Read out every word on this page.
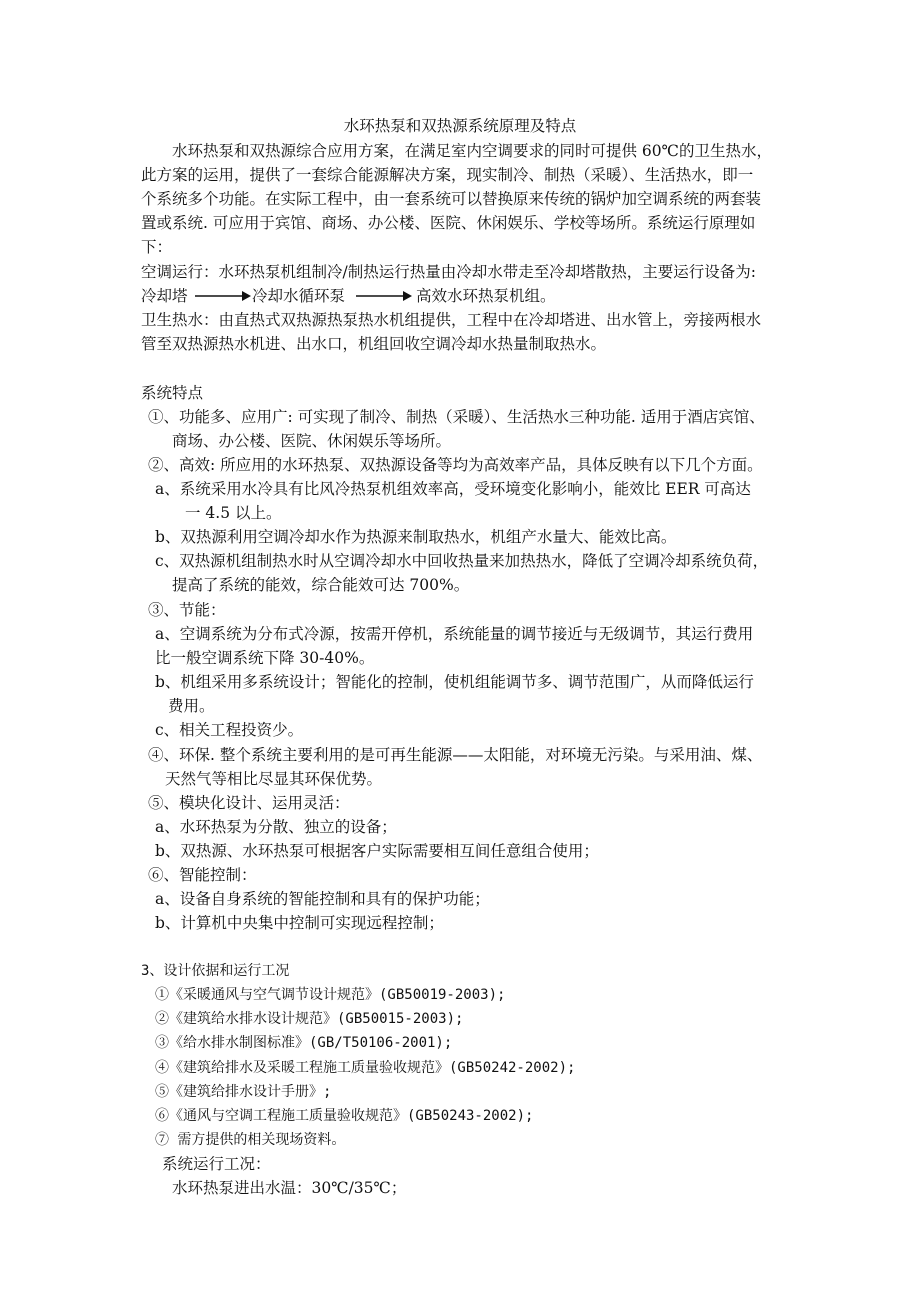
水环热泵和双热源系统原理及特点
水环热泵和双热源综合应用方案，在满足室内空调要求的同时可提供 60℃的卫生热水，
此方案的运用，提供了一套综合能源解决方案，现实制冷、制热（采暖）、生活热水，即一
个系统多个功能。在实际工程中，由一套系统可以替换原来传统的锅炉加空调系统的两套装
置或系统. 可应用于宾馆、商场、办公楼、医院、休闲娱乐、学校等场所。系统运行原理如
下：
空调运行：水环热泵机组制冷/制热运行热量由冷却水带走至冷却塔散热，主要运行设备为:
冷却塔	冷却水循环泵	高效水环热泵机组。
卫生热水：由直热式双热源热泵热水机组提供，工程中在冷却塔进、出水管上，旁接两根水
管至双热源热水机进、出水口，机组回收空调冷却水热量制取热水。
系统特点
①、功能多、应用广: 可实现了制冷、制热（采暖）、生活热水三种功能. 适用于酒店宾馆、
商场、办公楼、医院、休闲娱乐等场所。
②、高效: 所应用的水环热泵、双热源设备等均为高效率产品，具体反映有以下几个方面。
a、系统采用水冷具有比风冷热泵机组效率高，受环境变化影响小，能效比 EER 可高达
一 4.5 以上。
b、双热源利用空调冷却水作为热源来制取热水，机组产水量大、能效比高。
c、双热源机组制热水时从空调冷却水中回收热量来加热热水，降低了空调冷却系统负荷，
提高了系统的能效，综合能效可达 700%。
③、节能：
a、空调系统为分布式冷源，按需开停机，系统能量的调节接近与无级调节，其运行费用
比一般空调系统下降 30-40%。
b、机组采用多系统设计；智能化的控制，使机组能调节多、调节范围广，从而降低运行
费用。
c、相关工程投资少。
④、环保. 整个系统主要利用的是可再生能源——太阳能，对环境无污染。与采用油、煤、
天然气等相比尽显其环保优势。
⑤、模块化设计、运用灵活：
a、水环热泵为分散、独立的设备；
b、双热源、水环热泵可根据客户实际需要相互间任意组合使用；
⑥、智能控制：
a、设备自身系统的智能控制和具有的保护功能；
b、计算机中央集中控制可实现远程控制；
3、设计依据和运行工况
①《采暖通风与空气调节设计规范》(GB50019-2003);
②《建筑给水排水设计规范》(GB50015-2003);
③《给水排水制图标准》(GB/T50106-2001);
④《建筑给排水及采暖工程施工质量验收规范》(GB50242-2002);
⑤《建筑给排水设计手册》;
⑥《通风与空调工程施工质量验收规范》(GB50243-2002);
⑦ 需方提供的相关现场资料。
系统运行工况：
水环热泵进出水温：30℃/35℃；
